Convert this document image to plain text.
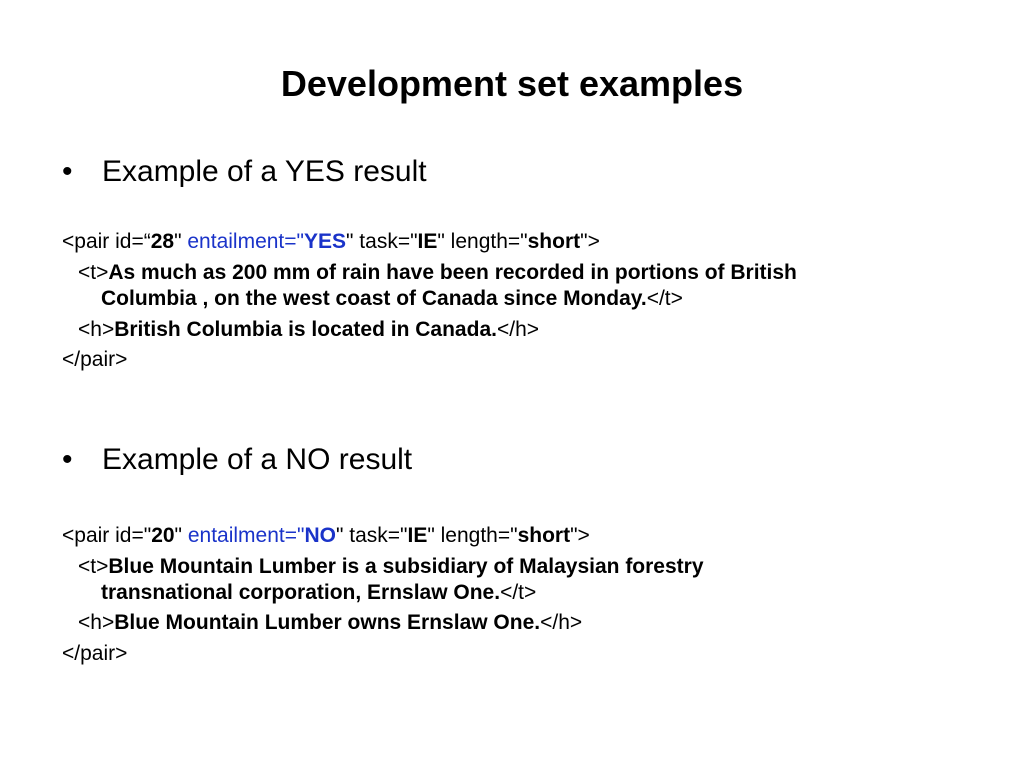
Development set examples
• Example of a YES result
<pair id=“28" entailment="YES" task="IE" length="short">
<t>As much as 200 mm of rain have been recorded in portions of British
Columbia , on the west coast of Canada since Monday.</t>
<h>British Columbia is located in Canada.</h>
</pair>
• Example of a NO result
<pair id="20" entailment="NO" task="IE" length="short">
<t>Blue Mountain Lumber is a subsidiary of Malaysian forestry
transnational corporation, Ernslaw One.</t>
<h>Blue Mountain Lumber owns Ernslaw One.</h>
</pair>
